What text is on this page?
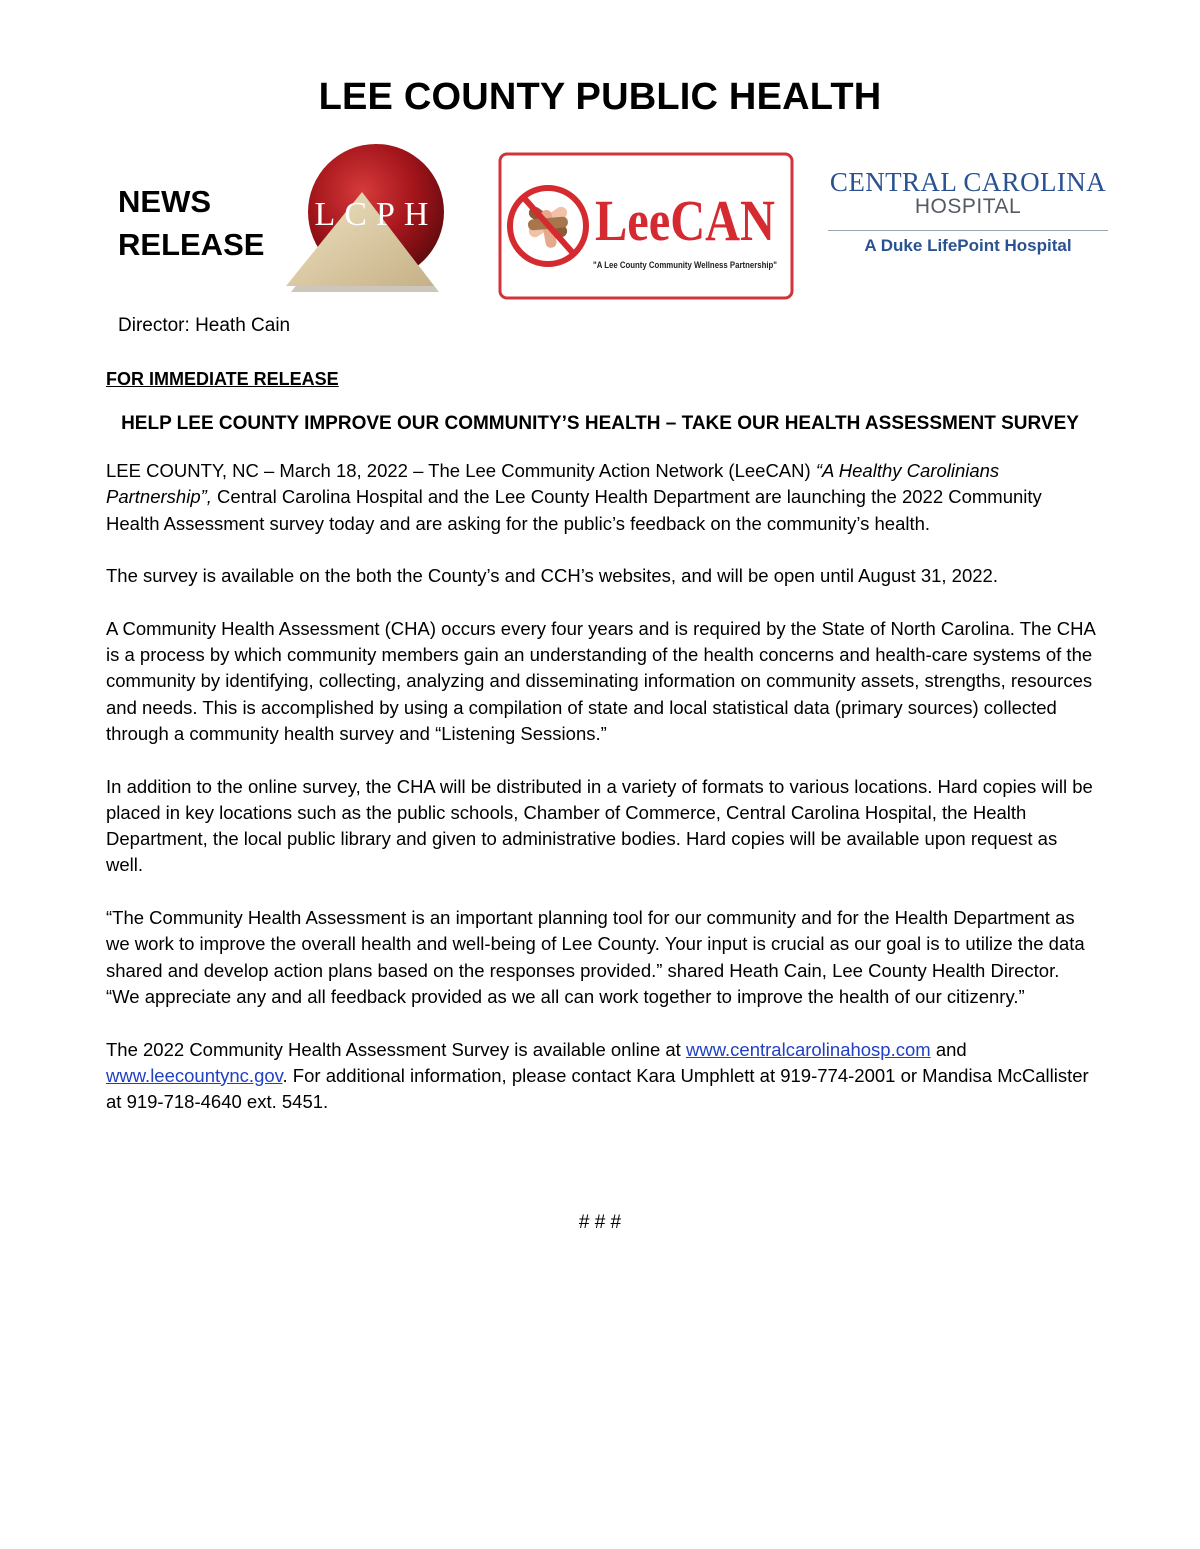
LEE COUNTY PUBLIC HEALTH
NEWS
RELEASE
LCPH	LeeCAN
"A Lee County Community Wellness Partnership"
CENTRAL CAROLINA
HOSPITAL
A Duke LifePoint Hospital
Director: Heath Cain
FOR IMMEDIATE RELEASE
HELP LEE COUNTY IMPROVE OUR COMMUNITY’S HEALTH – TAKE OUR HEALTH ASSESSMENT SURVEY

LEE COUNTY, NC – March 18, 2022 – The Lee Community Action Network (LeeCAN) “A Healthy Carolinians Partnership”, Central Carolina Hospital and the Lee County Health Department are launching the 2022 Community Health Assessment survey today and are asking for the public’s feedback on the community’s health.

The survey is available on the both the County’s and CCH’s websites, and will be open until August 31, 2022.

A Community Health Assessment (CHA) occurs every four years and is required by the State of North Carolina. The CHA is a process by which community members gain an understanding of the health concerns and health-care systems of the community by identifying, collecting, analyzing and disseminating information on community assets, strengths, resources and needs. This is accomplished by using a compilation of state and local statistical data (primary sources) collected through a community health survey and “Listening Sessions.”

In addition to the online survey, the CHA will be distributed in a variety of formats to various locations. Hard copies will be placed in key locations such as the public schools, Chamber of Commerce, Central Carolina Hospital, the Health Department, the local public library and given to administrative bodies. Hard copies will be available upon request as well.

“The Community Health Assessment is an important planning tool for our community and for the Health Department as we work to improve the overall health and well-being of Lee County. Your input is crucial as our goal is to utilize the data shared and develop action plans based on the responses provided.” shared Heath Cain, Lee County Health Director. “We appreciate any and all feedback provided as we all can work together to improve the health of our citizenry.”

The 2022 Community Health Assessment Survey is available online at www.centralcarolinahosp.com and www.leecountync.gov. For additional information, please contact Kara Umphlett at 919-774-2001 or Mandisa McCallister at 919-718-4640 ext. 5451.

# # #
